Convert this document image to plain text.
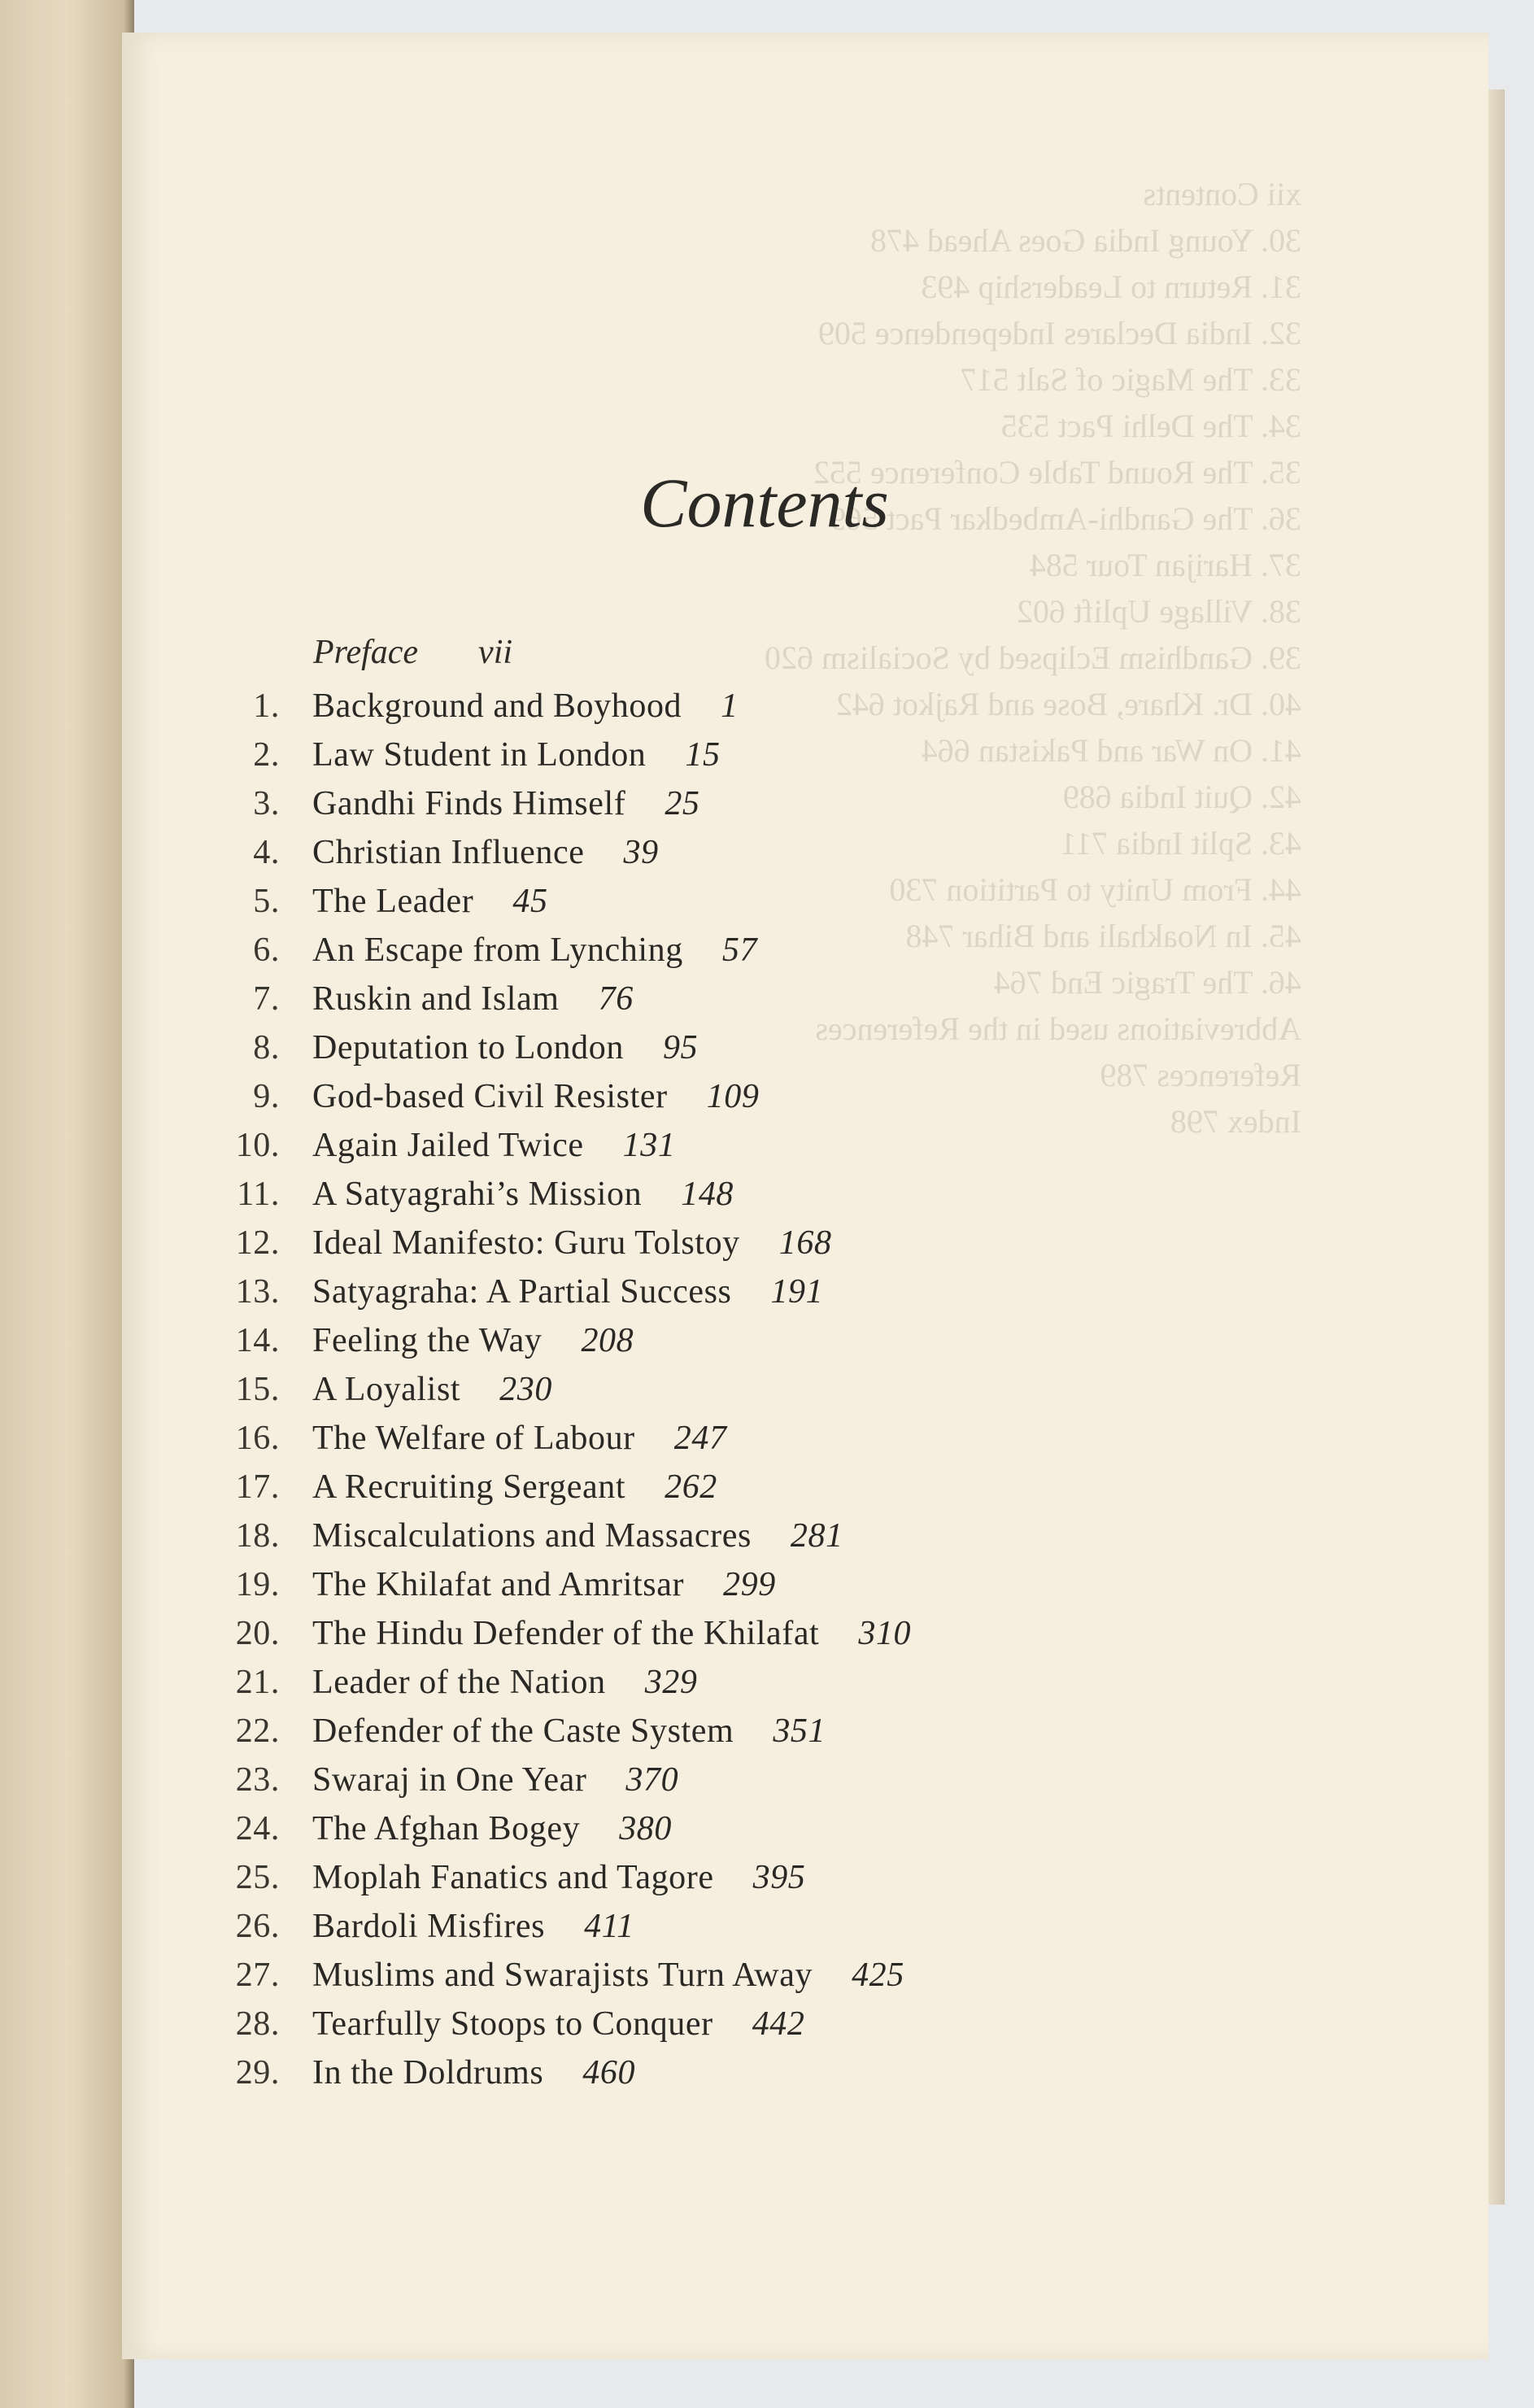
xii Contents
30. Young India Goes Ahead 478
31. Return to Leadership 493
32. India Declares Independence 509
33. The Magic of Salt 517
34. The Delhi Pact 535
35. The Round Table Conference 552
36. The Gandhi-Ambedkar Pact 569
37. Harijan Tour 584
38. Village Uplift 602
39. Gandhism Eclipsed by Socialism 620
40. Dr. Khare, Bose and Rajkot 642
41. On War and Pakistan 664
42. Quit India 689
43. Split India 711
44. From Unity to Partition 730
45. In Noakhali and Bihar 748
46. The Tragic End 764
Abbreviations used in the References
References 789
Index 798
Contents
Preface vii
1. Background and Boyhood 1
2. Law Student in London 15
3. Gandhi Finds Himself 25
4. Christian Influence 39
5. The Leader 45
6. An Escape from Lynching 57
7. Ruskin and Islam 76
8. Deputation to London 95
9. God-based Civil Resister 109
10. Again Jailed Twice 131
11. A Satyagrahi’s Mission 148
12. Ideal Manifesto: Guru Tolstoy 168
13. Satyagraha: A Partial Success 191
14. Feeling the Way 208
15. A Loyalist 230
16. The Welfare of Labour 247
17. A Recruiting Sergeant 262
18. Miscalculations and Massacres 281
19. The Khilafat and Amritsar 299
20. The Hindu Defender of the Khilafat 310
21. Leader of the Nation 329
22. Defender of the Caste System 351
23. Swaraj in One Year 370
24. The Afghan Bogey 380
25. Moplah Fanatics and Tagore 395
26. Bardoli Misfires 411
27. Muslims and Swarajists Turn Away 425
28. Tearfully Stoops to Conquer 442
29. In the Doldrums 460
